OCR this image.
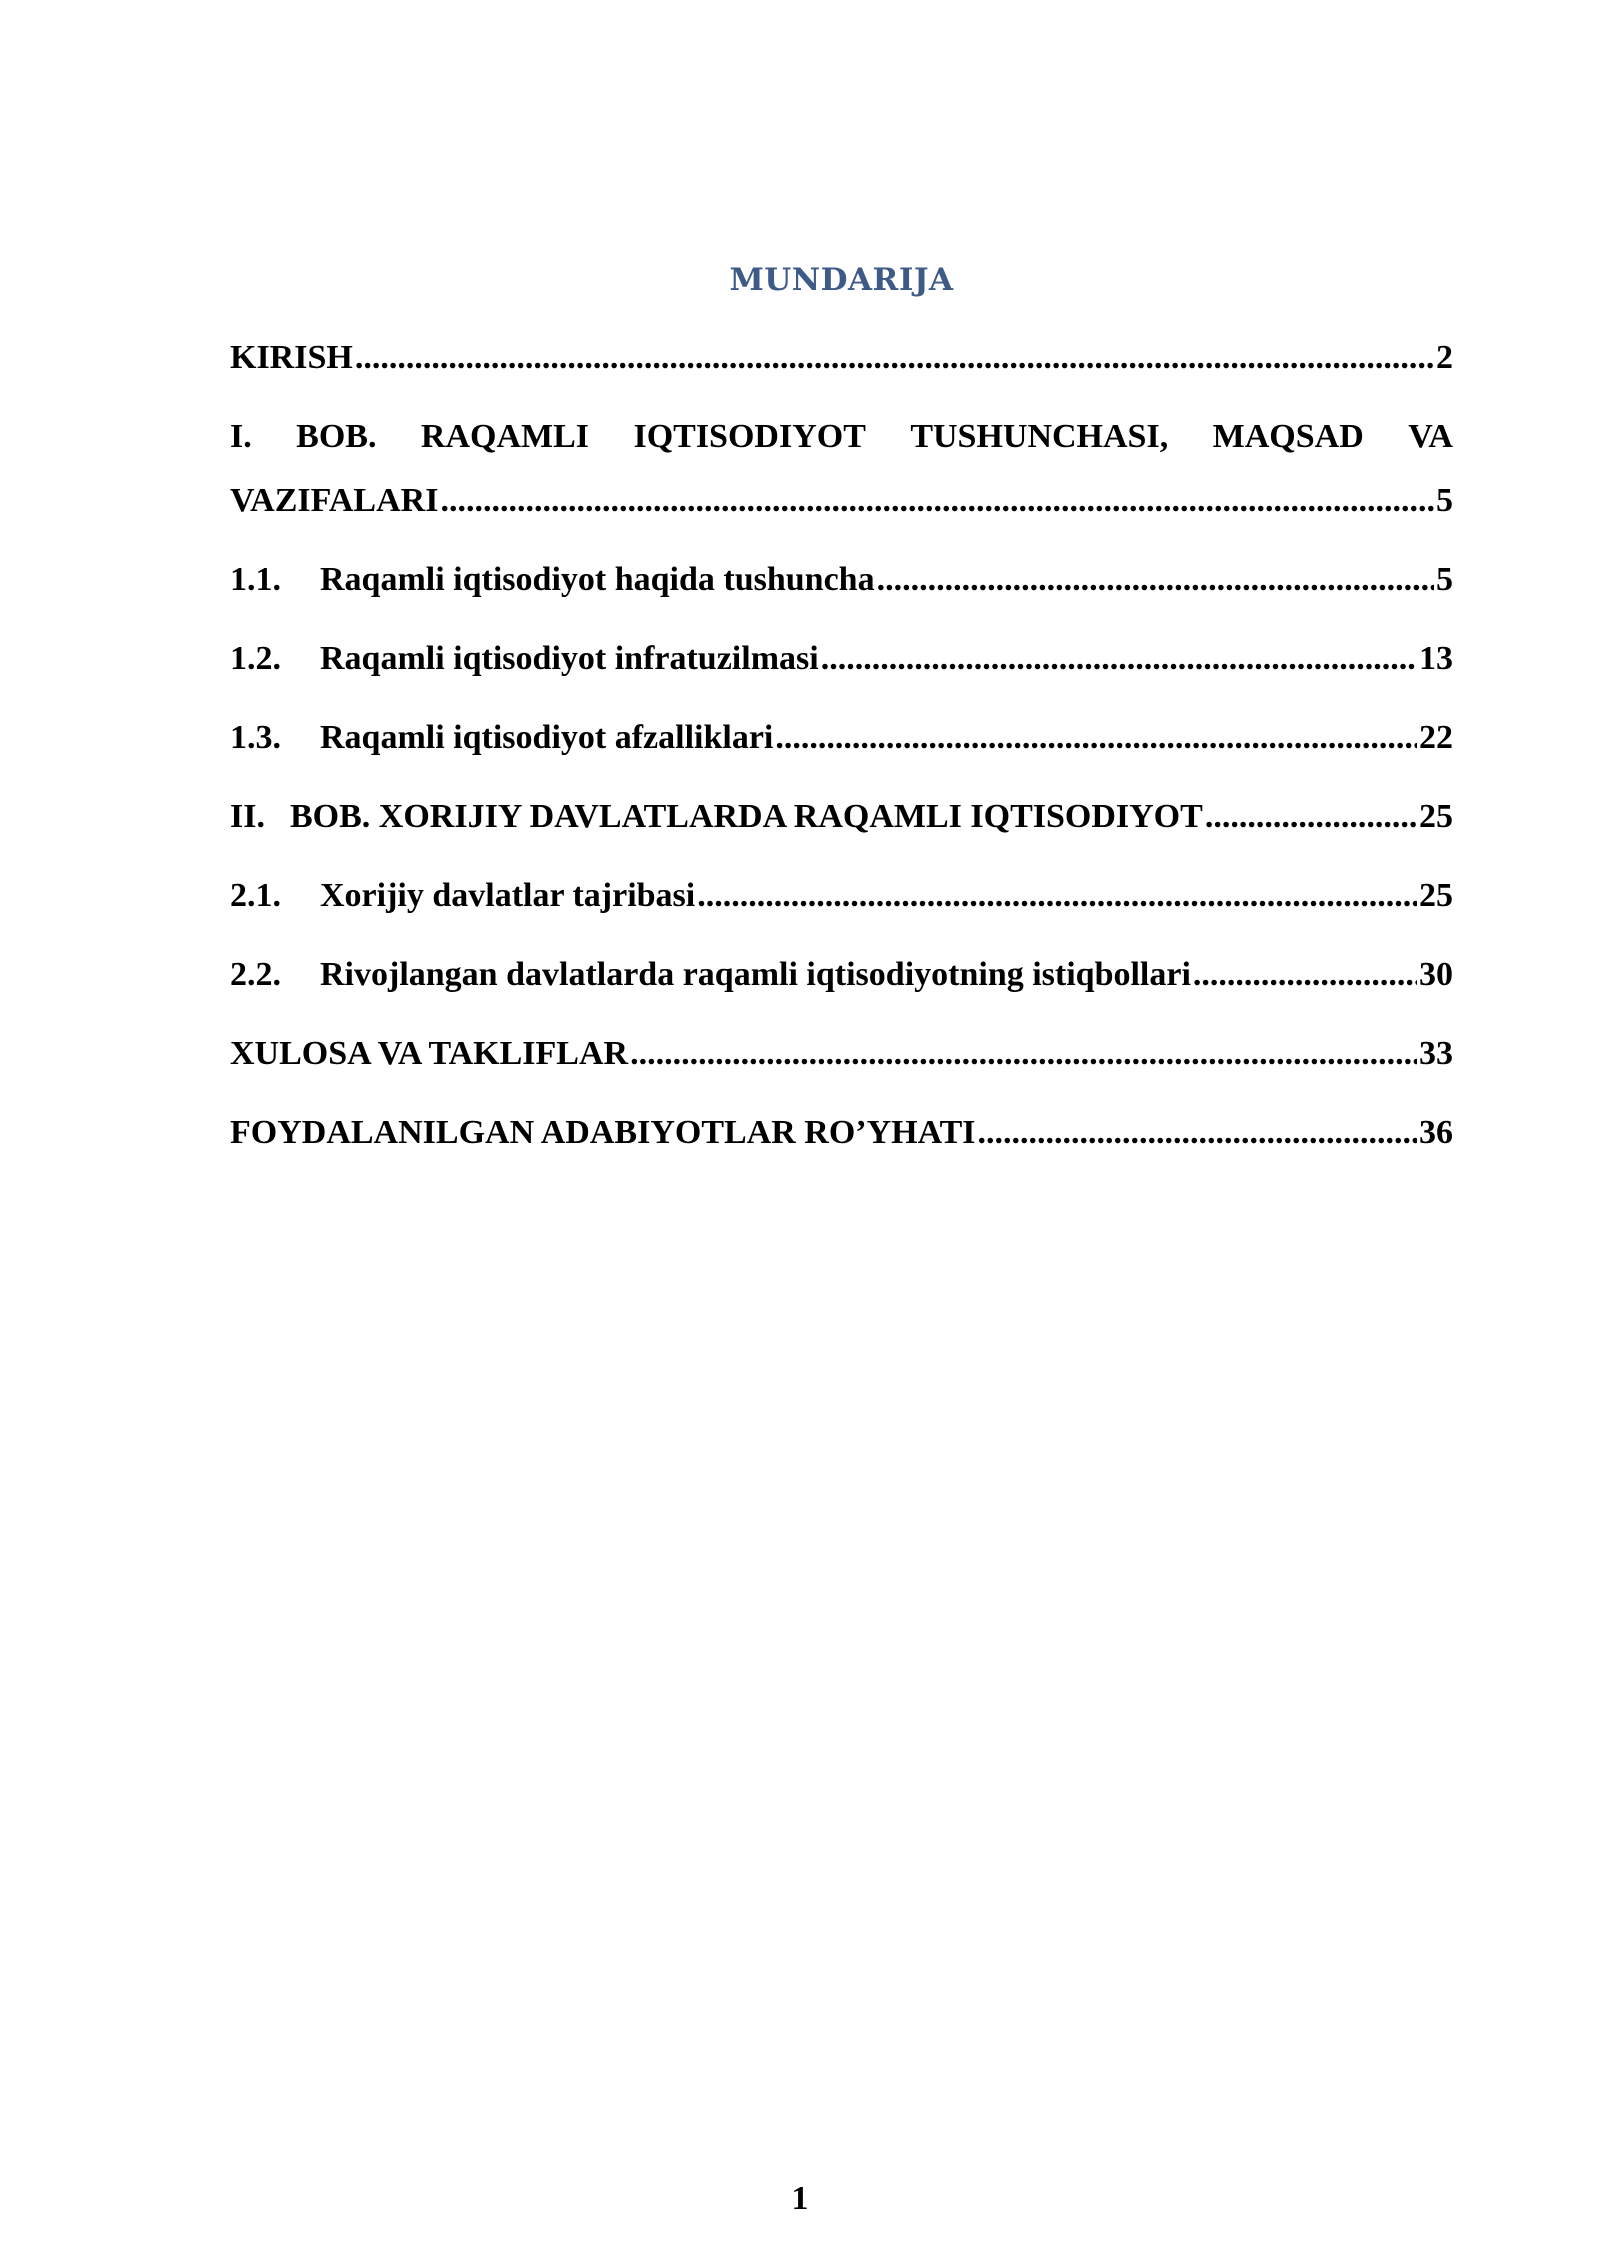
MUNDARIJA
KIRISH .....	2
I. BOB. RAQAMLI IQTISODIYOT TUSHUNCHASI, MAQSAD VA
VAZIFALARI .....	5
1.1.	Raqamli iqtisodiyot haqida tushuncha .....	5
1.2.	Raqamli iqtisodiyot infratuzilmasi .....	13
1.3.	Raqamli iqtisodiyot afzalliklari .....	22
II. BOB. XORIJIY DAVLATLARDA RAQAMLI IQTISODIYOT .....	25
2.1.	Xorijiy davlatlar tajribasi .....	25
2.2.	Rivojlangan davlatlarda raqamli iqtisodiyotning istiqbollari .....	30
XULOSA VA TAKLIFLAR .....	33
FOYDALANILGAN ADABIYOTLAR RO’YHATI .....	36
1
